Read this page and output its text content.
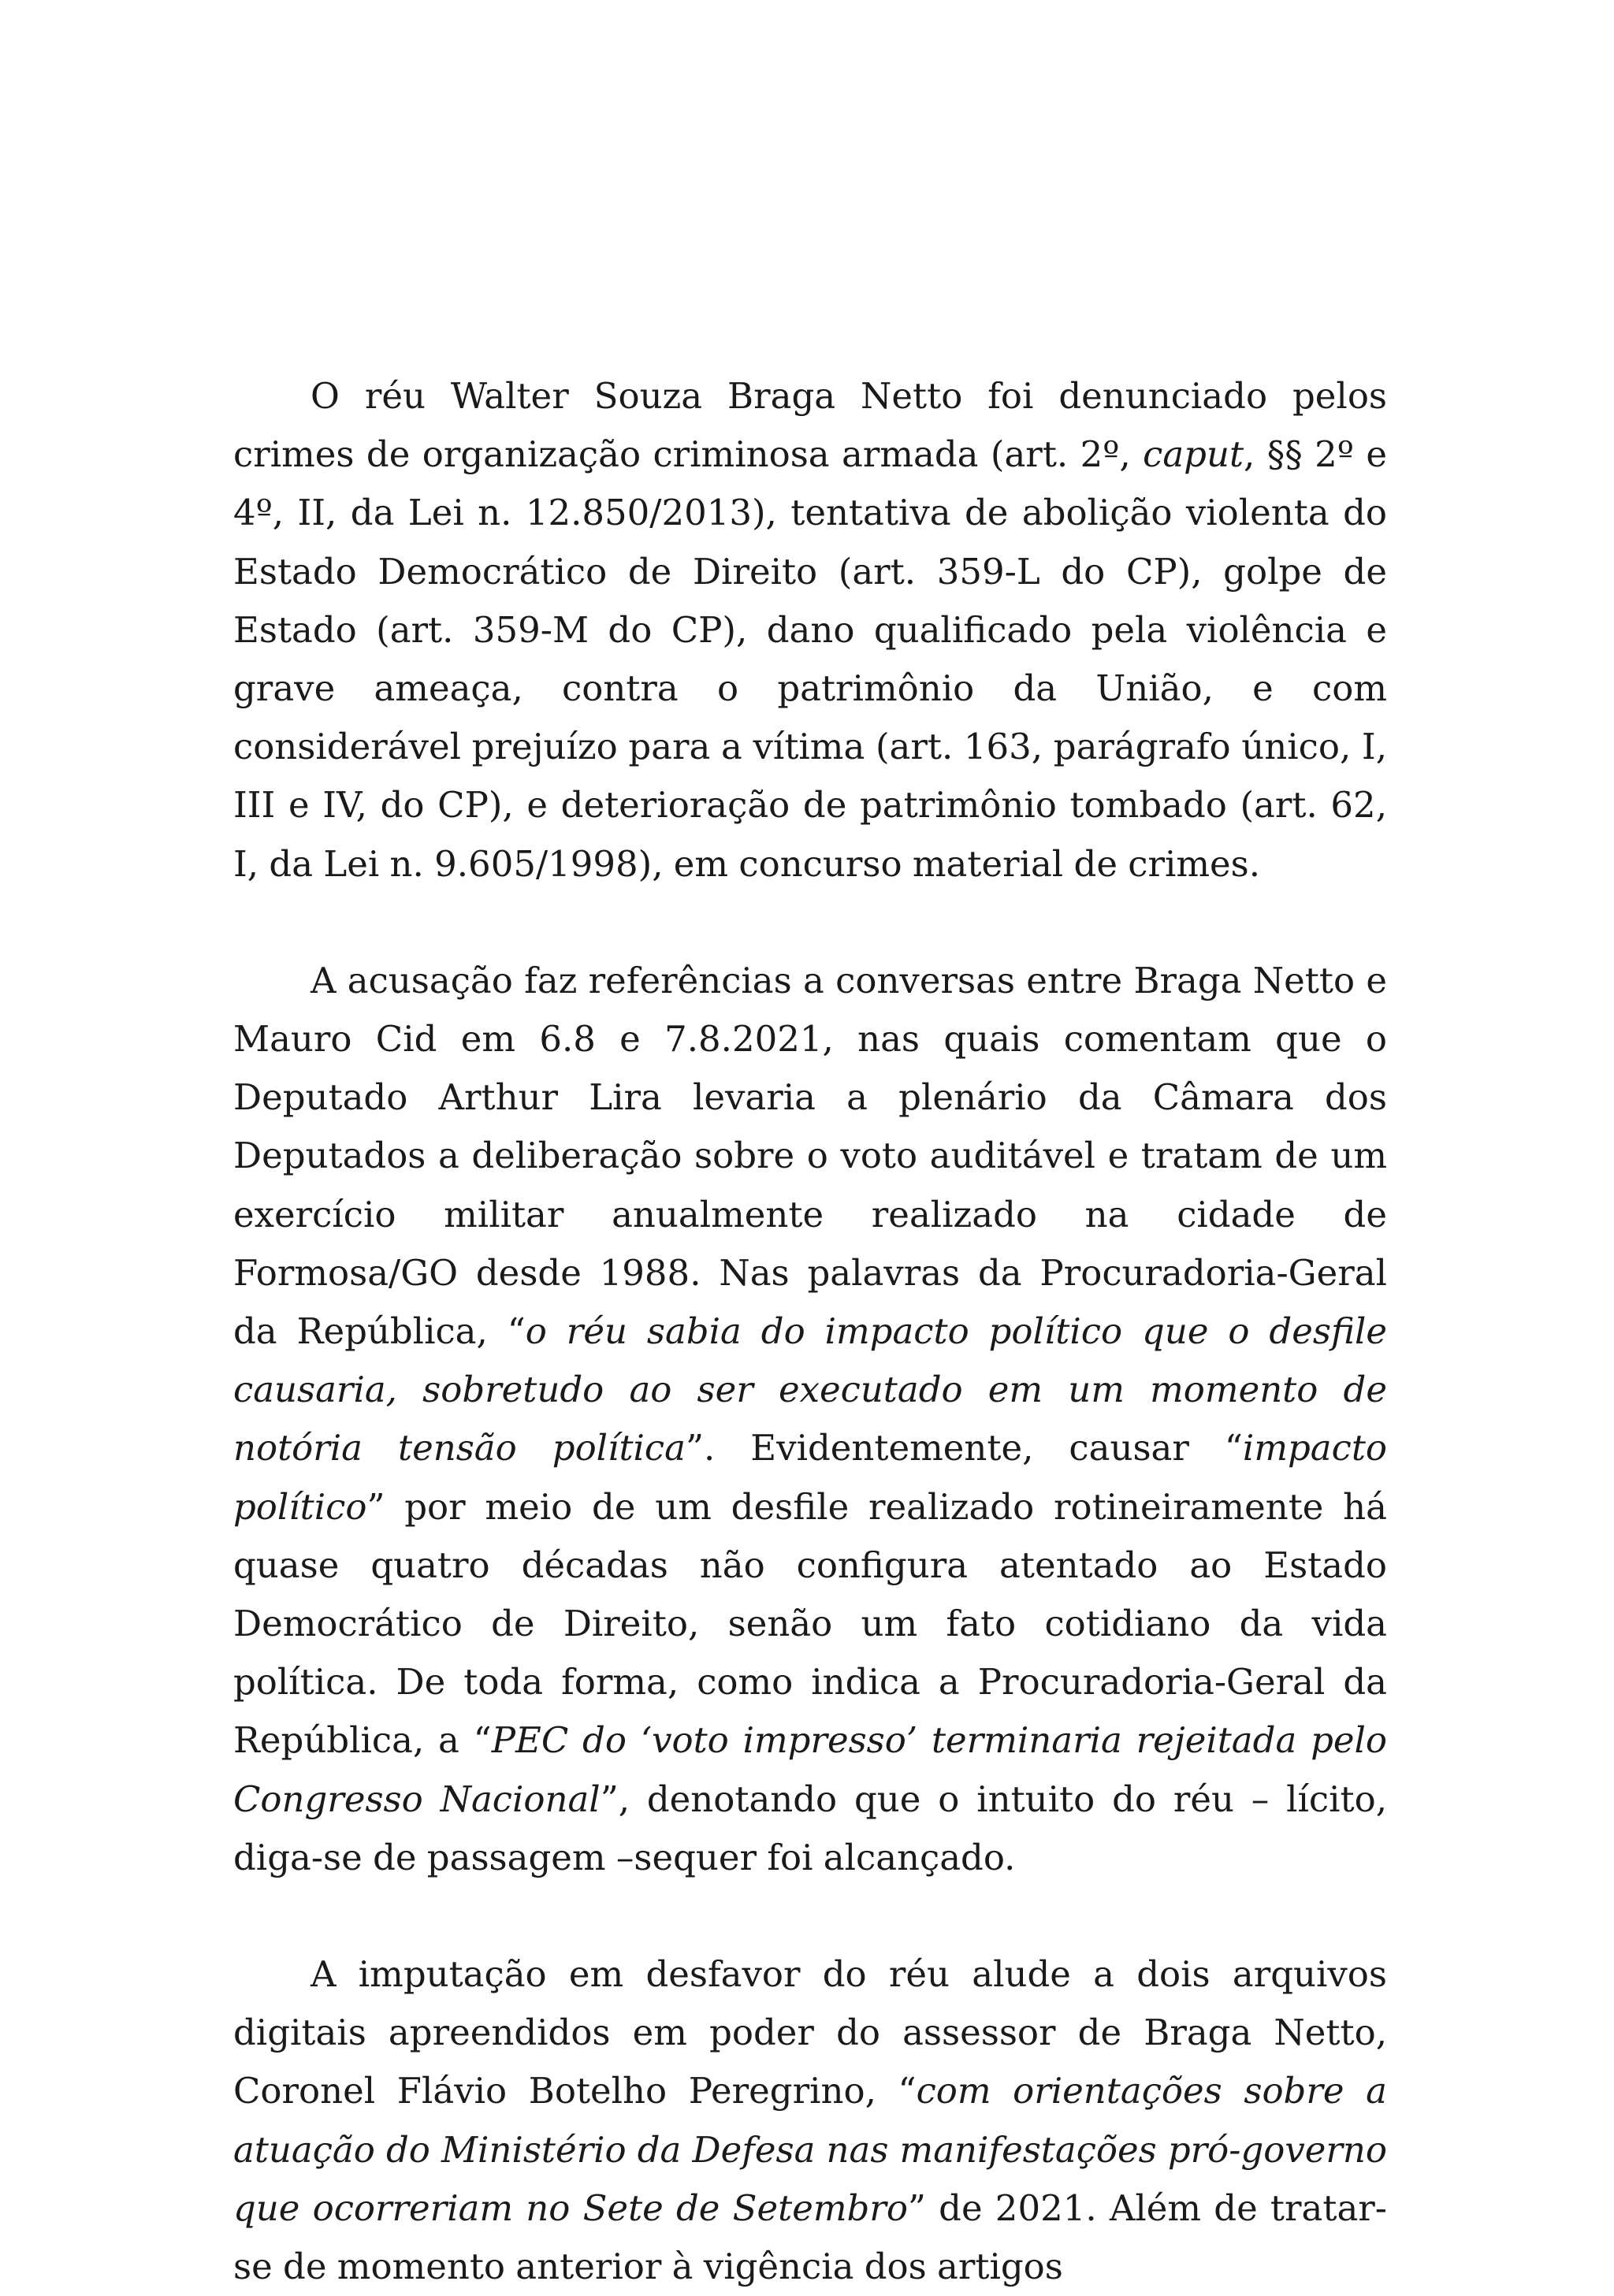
O réu Walter Souza Braga Netto foi denunciado pelos crimes de organização criminosa armada (art. 2º, caput, §§ 2º e 4º, II, da Lei n. 12.850/2013), tentativa de abolição violenta do Estado Democrático de Direito (art. 359-L do CP), golpe de Estado (art. 359-M do CP), dano qualificado pela violência e grave ameaça, contra o patrimônio da União, e com considerável prejuízo para a vítima (art. 163, parágrafo único, I, III e IV, do CP), e deterioração de patrimônio tombado (art. 62, I, da Lei n. 9.605/1998), em concurso material de crimes.

A acusação faz referências a conversas entre Braga Netto e Mauro Cid em 6.8 e 7.8.2021, nas quais comentam que o Deputado Arthur Lira levaria a plenário da Câmara dos Deputados a deliberação sobre o voto auditável e tratam de um exercício militar anualmente realizado na cidade de Formosa/GO desde 1988. Nas palavras da Procuradoria-Geral da República, “o réu sabia do impacto político que o desfile causaria, sobretudo ao ser executado em um momento de notória tensão política”. Evidentemente, causar “impacto político” por meio de um desfile realizado rotineiramente há quase quatro décadas não configura atentado ao Estado Democrático de Direito, senão um fato cotidiano da vida política. De toda forma, como indica a Procuradoria-Geral da República, a “PEC do ‘voto impresso’ terminaria rejeitada pelo Congresso Nacional”, denotando que o intuito do réu – lícito, diga-se de passagem –sequer foi alcançado.

A imputação em desfavor do réu alude a dois arquivos digitais apreendidos em poder do assessor de Braga Netto, Coronel Flávio Botelho Peregrino, “com orientações sobre a atuação do Ministério da Defesa nas manifestações pró-governo que ocorreriam no Sete de Setembro” de 2021. Além de tratar-se de momento anterior à vigência dos artigos
